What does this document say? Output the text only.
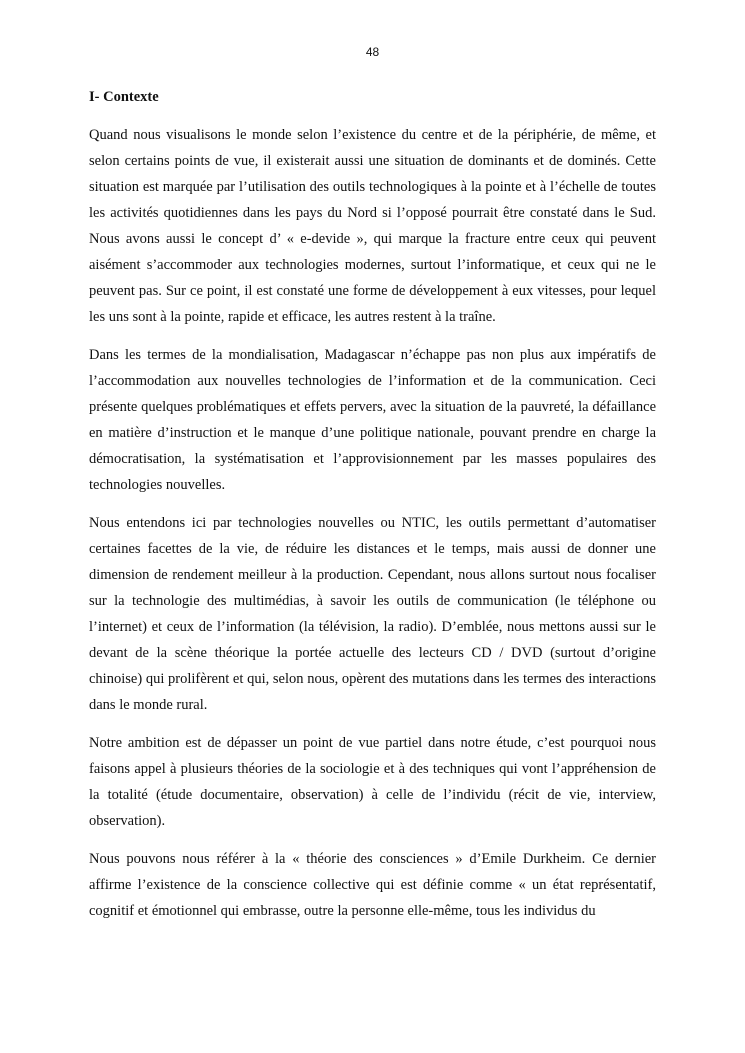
48
I- Contexte

Quand nous visualisons le monde selon l’existence du centre et de la périphérie, de même, et selon certains points de vue, il existerait aussi une situation de dominants et de dominés. Cette situation est marquée par l’utilisation des outils technologiques à la pointe et à l’échelle de toutes les activités quotidiennes dans les pays du Nord si l’opposé pourrait être constaté dans le Sud. Nous avons aussi le concept d’ « e-devide », qui marque la fracture entre ceux qui peuvent aisément s’accommoder aux technologies modernes, surtout l’informatique, et ceux qui ne le peuvent pas. Sur ce point, il est constaté une forme de développement à eux vitesses, pour lequel les uns sont à la pointe, rapide et efficace, les autres restent à la traîne.

Dans les termes de la mondialisation, Madagascar n’échappe pas non plus aux impératifs de l’accommodation aux nouvelles technologies de l’information et de la communication. Ceci présente quelques problématiques et effets pervers, avec la situation de la pauvreté, la défaillance en matière d’instruction et le manque d’une politique nationale, pouvant prendre en charge la démocratisation, la systématisation et l’approvisionnement par les masses populaires des technologies nouvelles.

Nous entendons ici par technologies nouvelles ou NTIC, les outils permettant d’automatiser certaines facettes de la vie, de réduire les distances et le temps, mais aussi de donner une dimension de rendement meilleur à la production. Cependant, nous allons surtout nous focaliser sur la technologie des multimédias, à savoir les outils de communication (le téléphone ou l’internet) et ceux de l’information (la télévision, la radio). D’emblée, nous mettons aussi sur le devant de la scène théorique la portée actuelle des lecteurs CD / DVD (surtout d’origine chinoise) qui prolifèrent et qui, selon nous, opèrent des mutations dans les termes des interactions dans le monde rural.

Notre ambition est de dépasser un point de vue partiel dans notre étude, c’est pourquoi nous faisons appel à plusieurs théories de la sociologie et à des techniques qui vont l’appréhension de la totalité (étude documentaire, observation) à celle de l’individu (récit de vie, interview, observation).

Nous pouvons nous référer à la « théorie des consciences » d’Emile Durkheim. Ce dernier affirme l’existence de la conscience collective qui est définie comme « un état représentatif, cognitif et émotionnel qui embrasse, outre la personne elle-même, tous les individus du
